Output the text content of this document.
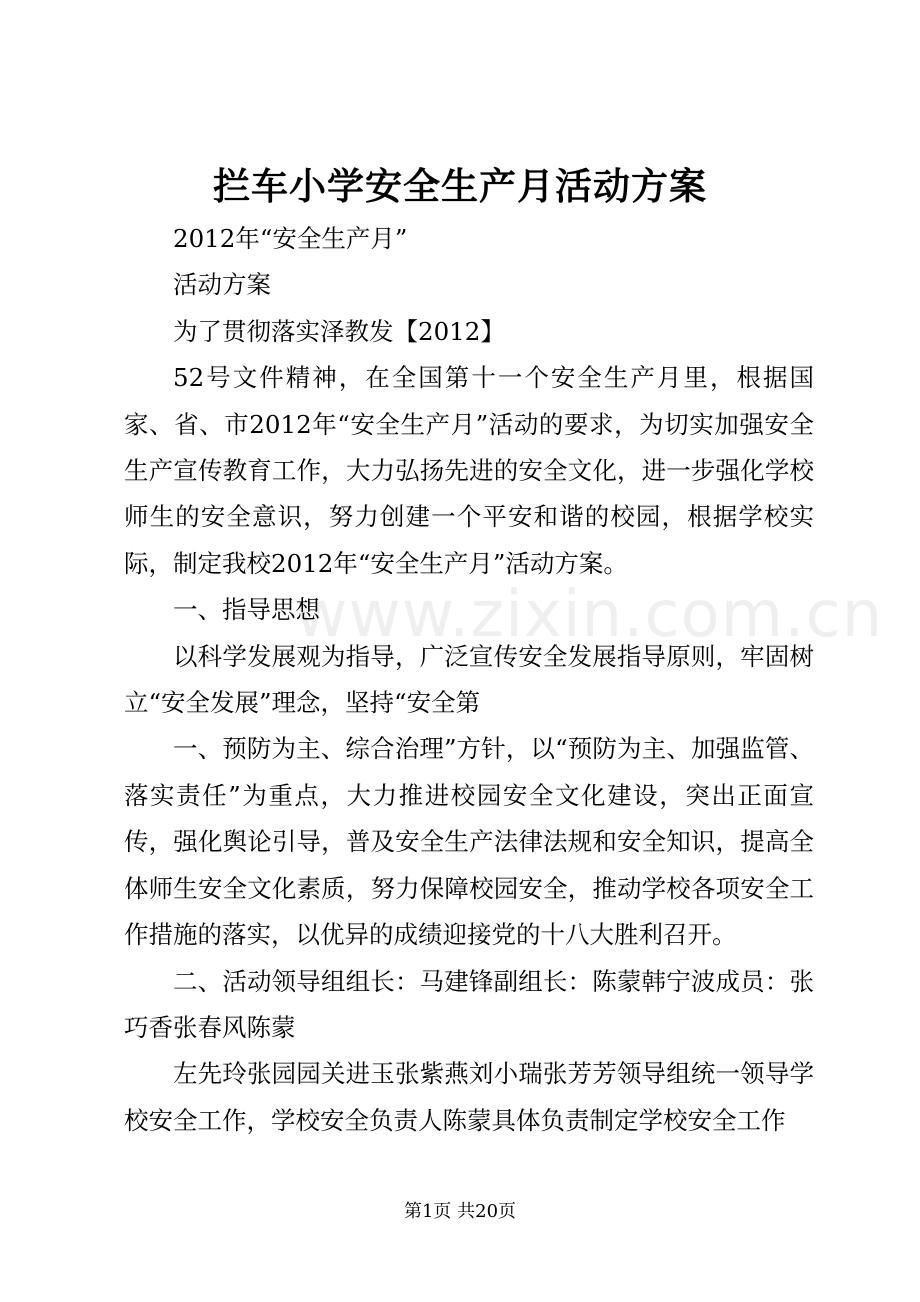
拦车小学安全生产月活动方案

2012年“安全生产月”

活动方案

为了贯彻落实泽教发【2012】

52号文件精神，在全国第十一个安全生产月里，根据国家、省、市2012年“安全生产月”活动的要求，为切实加强安全生产宣传教育工作，大力弘扬先进的安全文化，进一步强化学校师生的安全意识，努力创建一个平安和谐的校园，根据学校实际，制定我校2012年“安全生产月”活动方案。

一、指导思想

以科学发展观为指导，广泛宣传安全发展指导原则，牢固树立“安全发展”理念，坚持“安全第

一、预防为主、综合治理”方针，以“预防为主、加强监管、落实责任”为重点，大力推进校园安全文化建设，突出正面宣传，强化舆论引导，普及安全生产法律法规和安全知识，提高全体师生安全文化素质，努力保障校园安全，推动学校各项安全工作措施的落实，以优异的成绩迎接党的十八大胜利召开。

二、活动领导组组长：马建锋副组长：陈蒙韩宁波成员：张巧香张春风陈蒙

左先玲张园园关进玉张紫燕刘小瑞张芳芳领导组统一领导学校安全工作，学校安全负责人陈蒙具体负责制定学校安全工作

www.zixin.com.cn
第1页 共20页
